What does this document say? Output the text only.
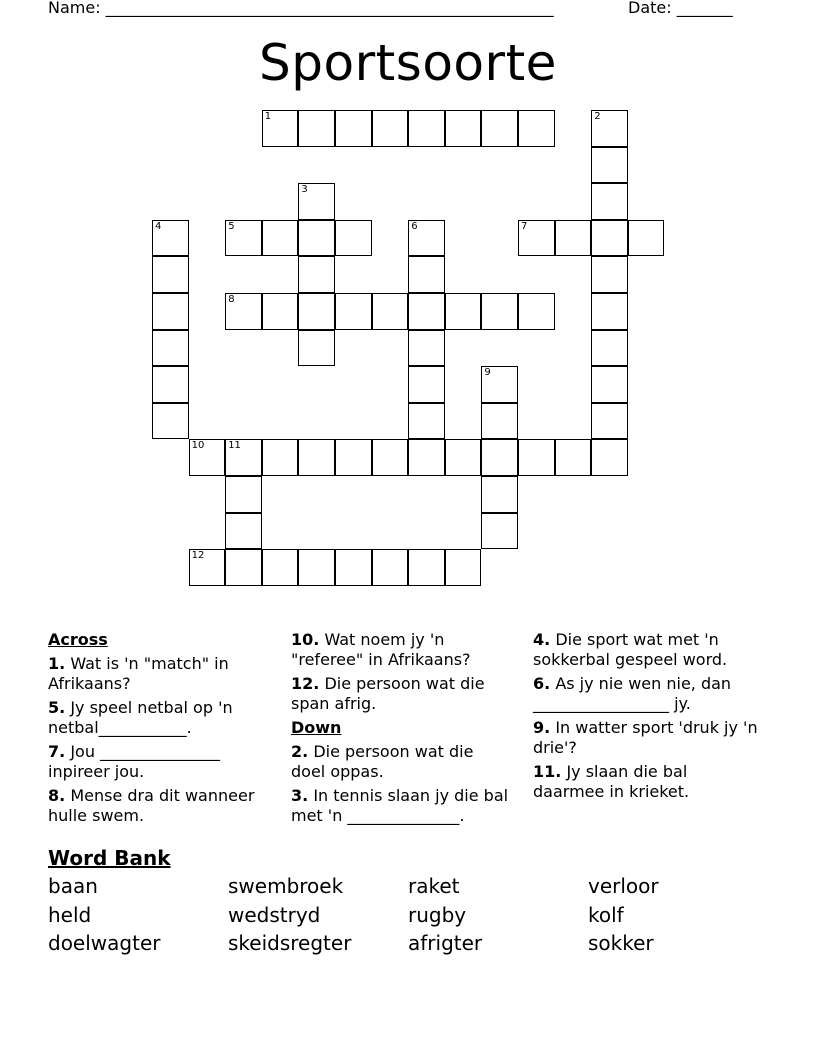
Name: ________________________________________________________	Date: _______
Sportsoorte
1	2
3
4	5	6	7
8
9
10 11
12
Across
1. Wat is 'n "match" in Afrikaans?
5. Jy speel netbal op 'n netbal___________.
7. Jou _______________ inpireer jou.
8. Mense dra dit wanneer hulle swem.
10. Wat noem jy 'n "referee" in Afrikaans?
12. Die persoon wat die span afrig.
Down
2. Die persoon wat die doel oppas.
3. In tennis slaan jy die bal met 'n ______________.
4. Die sport wat met 'n sokkerbal gespeel word.
6. As jy nie wen nie, dan _________________ jy.
9. In watter sport 'druk jy 'n drie'?
11. Jy slaan die bal daarmee in krieket.
Word Bank
baan	swembroek	raket	verloor
held	wedstryd	rugby	kolf
doelwagter	skeidsregter	afrigter	sokker
